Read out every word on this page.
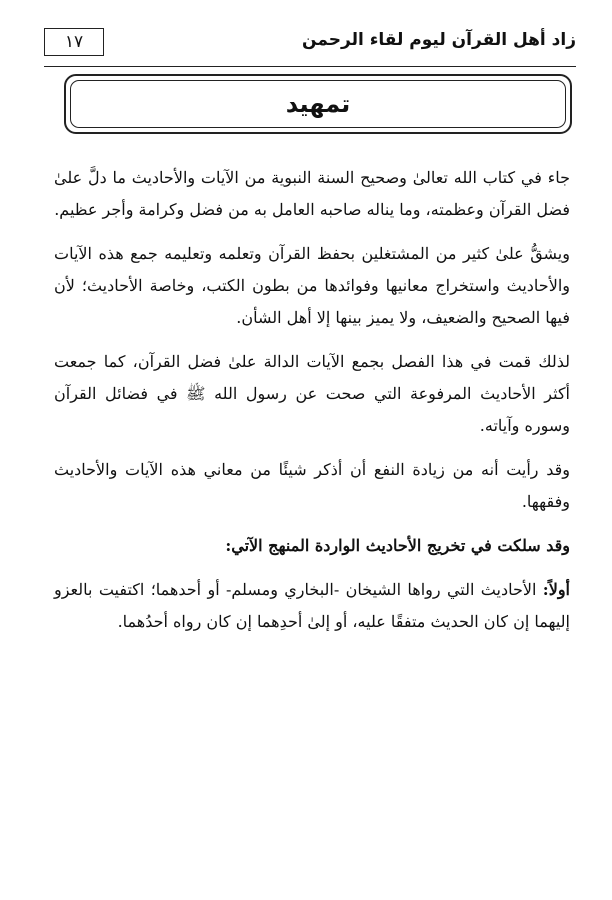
زاد أهل القرآن ليوم لقاء الرحمن
١٧
تمهيد

جاء في كتاب الله تعالىٰ وصحيح السنة النبوية من الآيات والأحاديث ما دلَّ علىٰ فضل القرآن وعظمته، وما يناله صاحبه العامل به من فضل وكرامة وأجر عظيم.

ويشقُّ علىٰ كثير من المشتغلين بحفظ القرآن وتعلمه وتعليمه جمع هذه الآيات والأحاديث واستخراج معانيها وفوائدها من بطون الكتب، وخاصة الأحاديث؛ لأن فيها الصحيح والضعيف، ولا يميز بينها إلا أهل الشأن.

لذلك قمت في هذا الفصل بجمع الآيات الدالة علىٰ فضل القرآن، كما جمعت أكثر الأحاديث المرفوعة التي صحت عن رسول الله ﷺ في فضائل القرآن وسوره وآياته.

وقد رأيت أنه من زيادة النفع أن أذكر شيئًا من معاني هذه الآيات والأحاديث وفقهها.

وقد سلكت في تخريج الأحاديث الواردة المنهج الآتي:

أولاً: الأحاديث التي رواها الشيخان -البخاري ومسلم- أو أحدهما؛ اكتفيت بالعزو إليهما إن كان الحديث متفقًا عليه، أو إلىٰ أحدِهما إن كان رواه أحدُهما.
